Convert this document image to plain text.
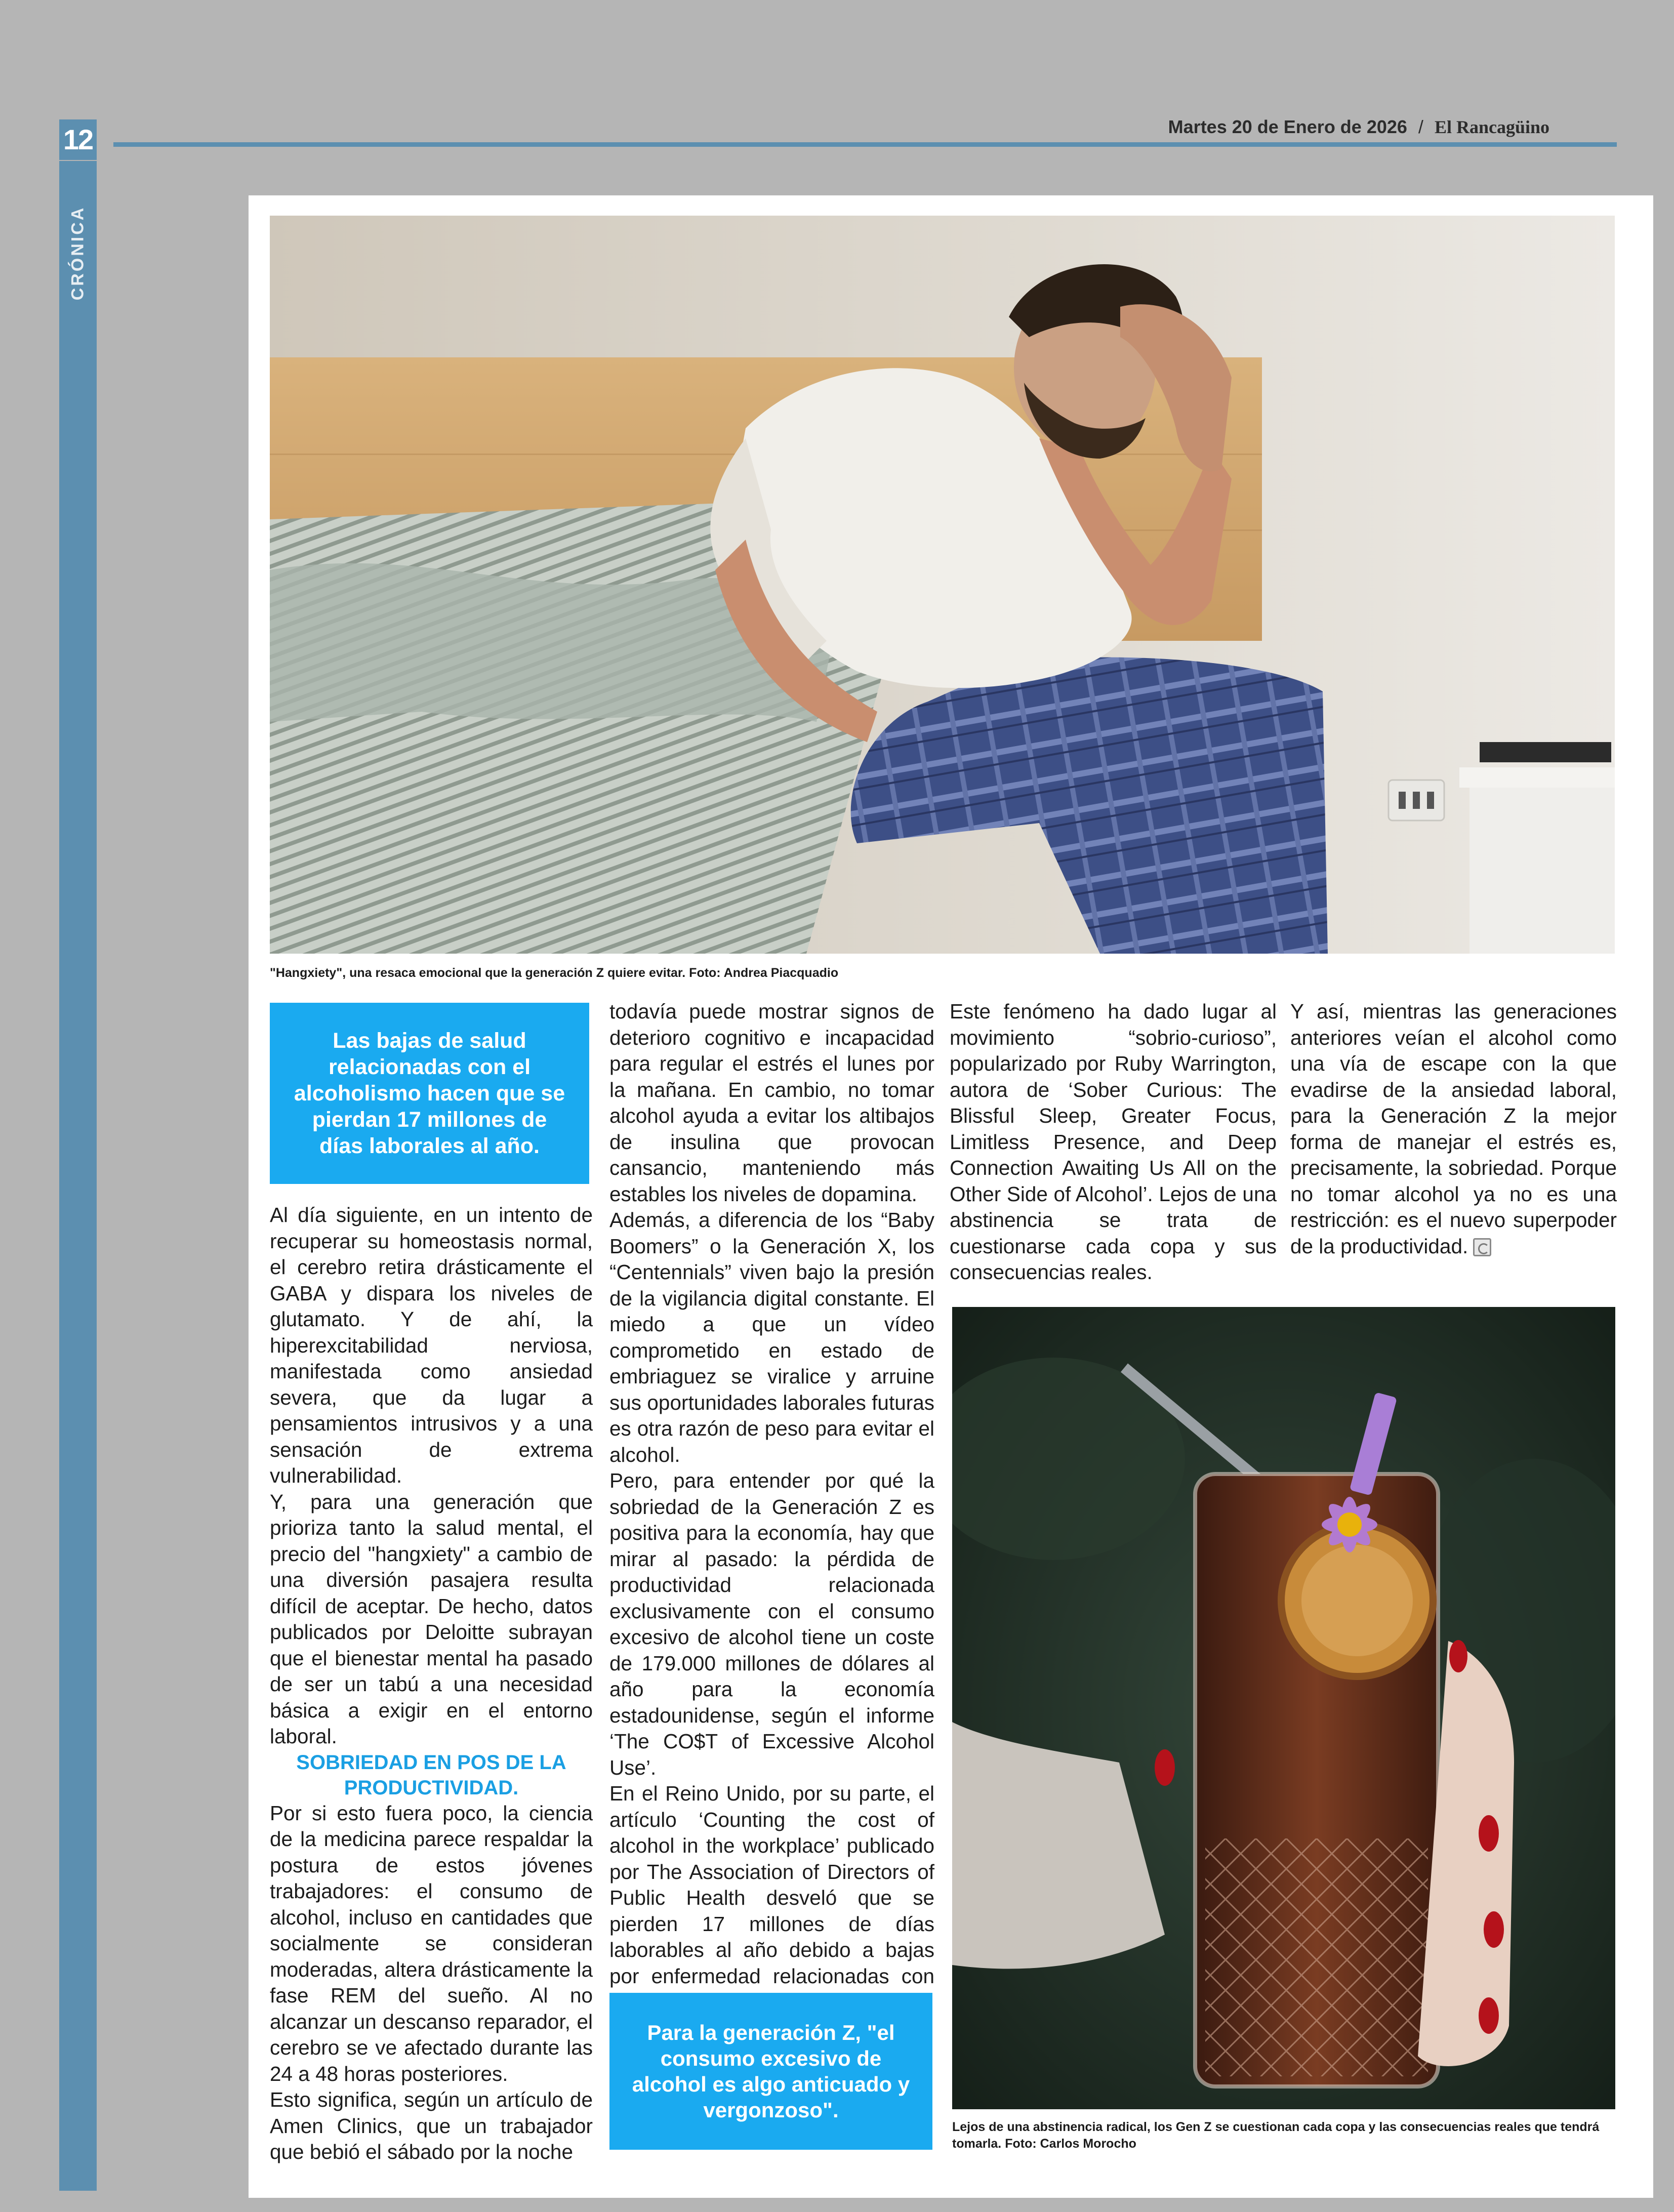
12
CRÓNICA
Martes 20 de Enero de 2026 / El Rancagüino
"Hangxiety", una resaca emocional que la generación Z quiere evitar. Foto: Andrea Piacquadio
Las bajas de salud relacionadas con el alcoholismo hacen que se pierdan 17 millones de días laborales al año.

Al día siguiente, en un intento de recuperar su homeostasis normal, el cerebro retira drásticamente el GABA y dispara los niveles de glutamato. Y de ahí, la hiperexcitabilidad nerviosa, manifestada como ansiedad severa, que da lugar a pensamientos intrusivos y a una sensación de extrema vulnerabilidad.

Y, para una generación que prioriza tanto la salud mental, el precio del "hangxiety" a cambio de una diversión pasajera resulta difícil de aceptar. De hecho, datos publicados por Deloitte subrayan que el bienestar mental ha pasado de ser un tabú a una necesidad básica a exigir en el entorno laboral.

SOBRIEDAD EN POS DE LA PRODUCTIVIDAD.

Por si esto fuera poco, la ciencia de la medicina parece respaldar la postura de estos jóvenes trabajadores: el consumo de alcohol, incluso en cantidades que socialmente se consideran moderadas, altera drásticamente la fase REM del sueño. Al no alcanzar un descanso reparador, el cerebro se ve afectado durante las 24 a 48 horas posteriores.

Esto significa, según un artículo de Amen Clinics, que un trabajador que bebió el sábado por la noche

todavía puede mostrar signos de deterioro cognitivo e incapacidad para regular el estrés el lunes por la mañana. En cambio, no tomar alcohol ayuda a evitar los altibajos de insulina que provocan cansancio, manteniendo más estables los niveles de dopamina.

Además, a diferencia de los “Baby Boomers” o la Generación X, los “Centennials” viven bajo la presión de la vigilancia digital constante. El miedo a que un vídeo comprometido en estado de embriaguez se viralice y arruine sus oportunidades laborales futuras es otra razón de peso para evitar el alcohol.

Pero, para entender por qué la sobriedad de la Generación Z es positiva para la economía, hay que mirar al pasado: la pérdida de productividad relacionada exclusivamente con el consumo excesivo de alcohol tiene un coste de 179.000 millones de dólares al año para la economía estadounidense, según el informe ‘The CO$T of Excessive Alcohol Use’.

En el Reino Unido, por su parte, el artículo ‘Counting the cost of alcohol in the workplace’ publicado por The Association of Directors of Public Health desveló que se pierden 17 millones de días laborables al año debido a bajas por enfermedad relacionadas con

Para la generación Z, "el consumo excesivo de alcohol es algo anticuado y vergonzoso".

Este fenómeno ha dado lugar al movimiento “sobrio-curioso”, popularizado por Ruby Warrington, autora de ‘Sober Curious: The Blissful Sleep, Greater Focus, Limitless Presence, and Deep Connection Awaiting Us All on the Other Side of Alcohol’. Lejos de una abstinencia se trata de cuestionarse cada copa y sus consecuencias reales.

Y así, mientras las generaciones anteriores veían el alcohol como una vía de escape con la que evadirse de la ansiedad laboral, para la Generación Z la mejor forma de manejar el estrés es, precisamente, la sobriedad. Porque no tomar alcohol ya no es una restricción: es el nuevo superpoder de la productividad.

Lejos de una abstinencia radical, los Gen Z se cuestionan cada copa y las consecuencias reales que tendrá tomarla. Foto: Carlos Morocho
